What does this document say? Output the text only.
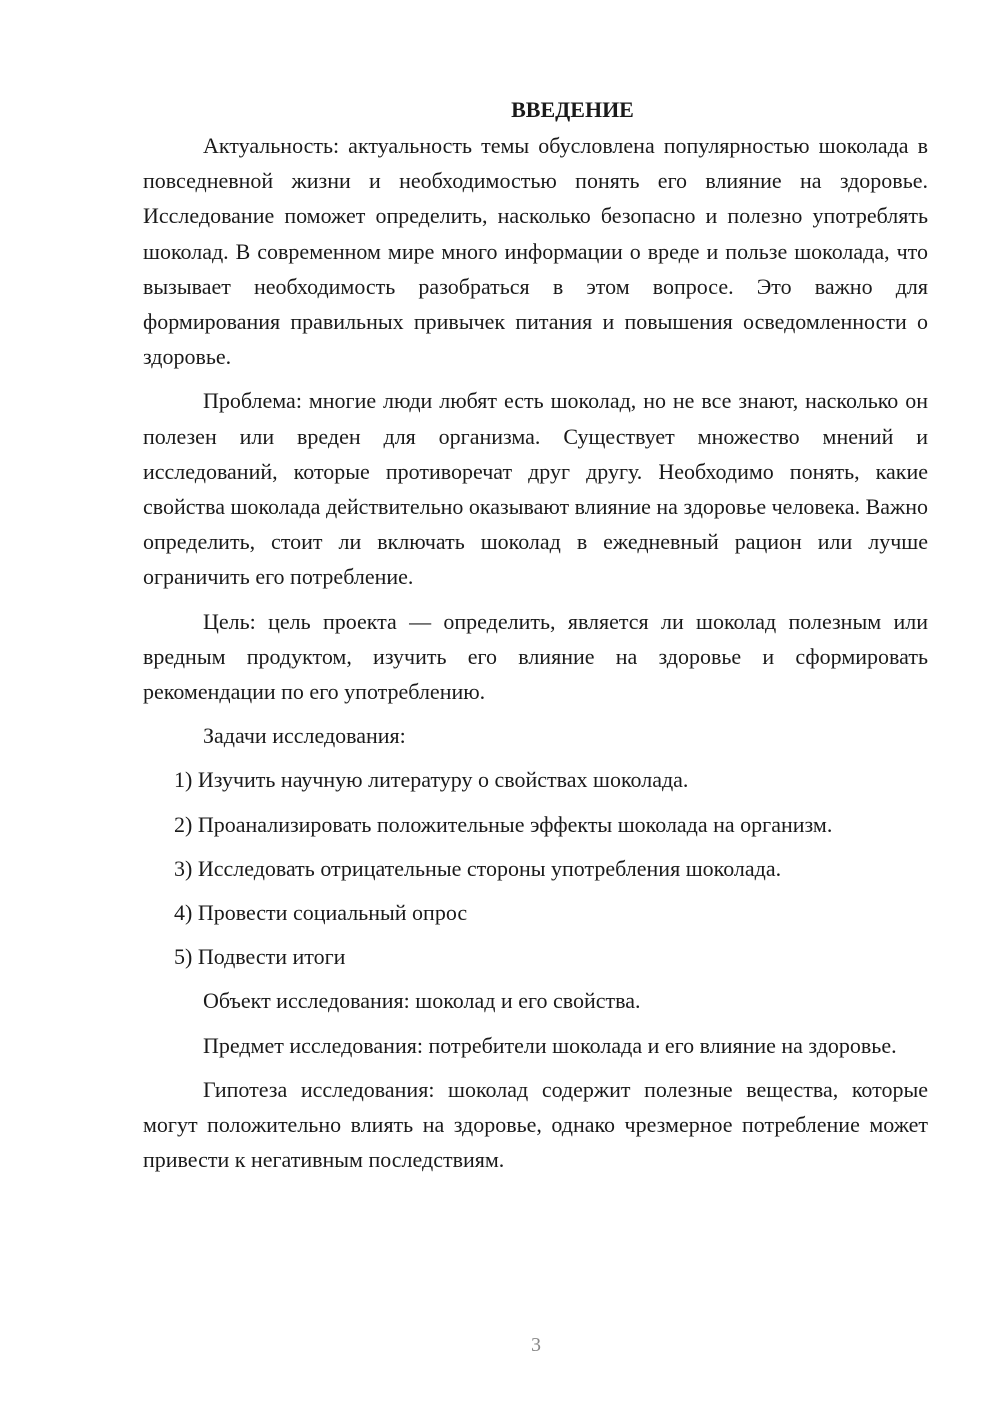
ВВЕДЕНИЕ

Актуальность: актуальность темы обусловлена популярностью шоколада в повседневной жизни и необходимостью понять его влияние на здоровье. Исследование поможет определить, насколько безопасно и полезно употреблять шоколад. В современном мире много информации о вреде и пользе шоколада, что вызывает необходимость разобраться в этом вопросе. Это важно для формирования правильных привычек питания и повышения осведомленности о здоровье.

Проблема: многие люди любят есть шоколад, но не все знают, насколько он полезен или вреден для организма. Существует множество мнений и исследований, которые противоречат друг другу. Необходимо понять, какие свойства шоколада действительно оказывают влияние на здоровье человека. Важно определить, стоит ли включать шоколад в ежедневный рацион или лучше ограничить его потребление.

Цель: цель проекта — определить, является ли шоколад полезным или вредным продуктом, изучить его влияние на здоровье и сформировать рекомендации по его употреблению.

Задачи исследования:

1) Изучить научную литературу о свойствах шоколада.

2) Проанализировать положительные эффекты шоколада на организм.

3) Исследовать отрицательные стороны употребления шоколада.

4) Провести социальный опрос

5) Подвести итоги

Объект исследования: шоколад и его свойства.

Предмет исследования: потребители шоколада и его влияние на здоровье.

Гипотеза исследования: шоколад содержит полезные вещества, которые могут положительно влиять на здоровье, однако чрезмерное потребление может привести к негативным последствиям.

3
